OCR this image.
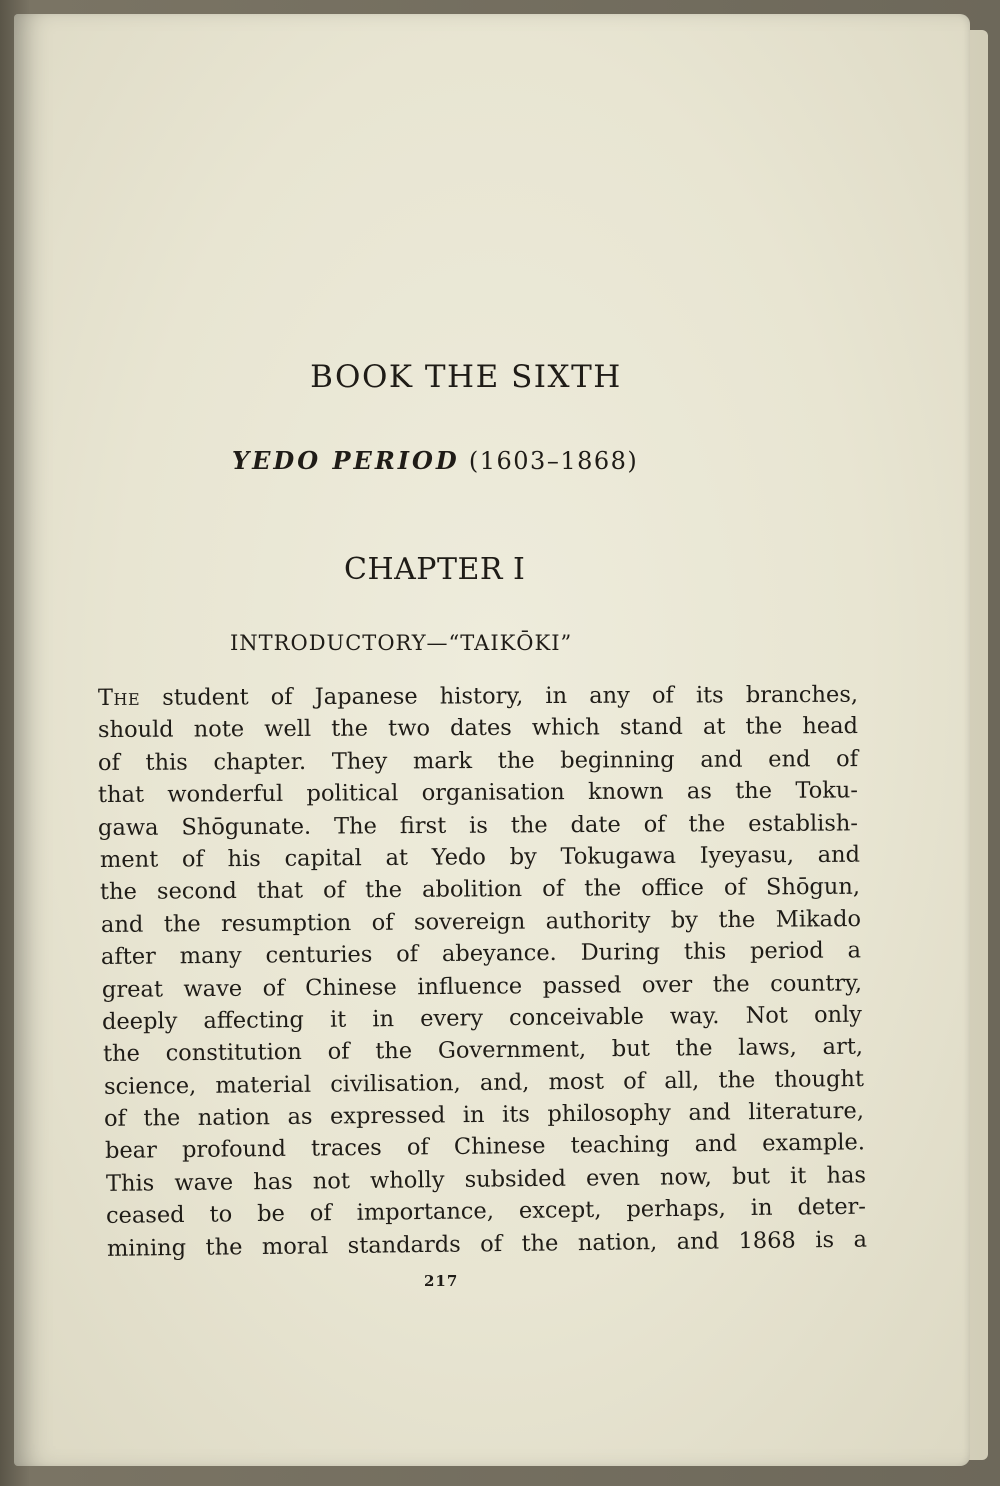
BOOK THE SIXTH
YEDO PERIOD (1603–1868)
CHAPTER I
INTRODUCTORY—“TAIKŌKI”
The student of Japanese history, in any of its branches,
should note well the two dates which stand at the head
of this chapter. They mark the beginning and end of
that wonderful political organisation known as the Toku-
gawa Shōgunate. The first is the date of the establish-
ment of his capital at Yedo by Tokugawa Iyeyasu, and
the second that of the abolition of the office of Shōgun,
and the resumption of sovereign authority by the Mikado
after many centuries of abeyance. During this period a
great wave of Chinese influence passed over the country,
deeply affecting it in every conceivable way. Not only
the constitution of the Government, but the laws, art,
science, material civilisation, and, most of all, the thought
of the nation as expressed in its philosophy and literature,
bear profound traces of Chinese teaching and example.
This wave has not wholly subsided even now, but it has
ceased to be of importance, except, perhaps, in deter-
mining the moral standards of the nation, and 1868 is a
217
